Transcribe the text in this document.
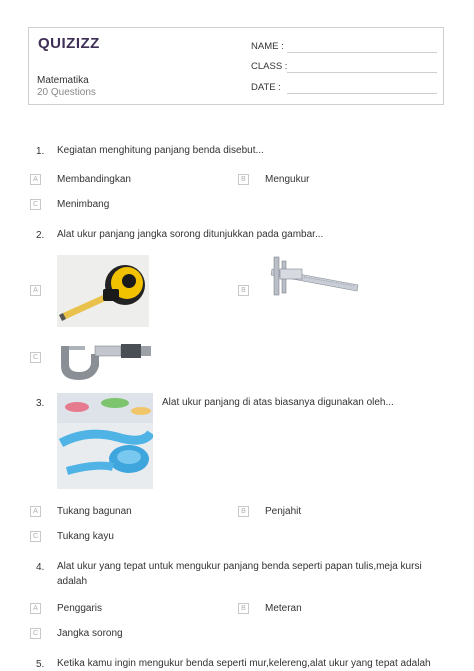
QUIZIZZ
Matematika
20 Questions
NAME :
CLASS :
DATE :
1. Kegiatan menghitung panjang benda disebut...
A	Membandingkan	B	Mengukur
C Menimbang
2. Alat ukur panjang jangka sorong ditunjukkan pada gambar...
A	B
C
3.	Alat ukur panjang di atas biasanya digunakan oleh...
A	Tukang bagunan	B	Penjahit
C Tukang kayu
4. Alat ukur yang tepat untuk mengukur panjang benda seperti papan tulis,meja kursi
adalah
A	Penggaris	B	Meteran
C Jangka sorong
5. Ketika kamu ingin mengukur benda seperti mur,kelereng,alat ukur yang tepat adalah
